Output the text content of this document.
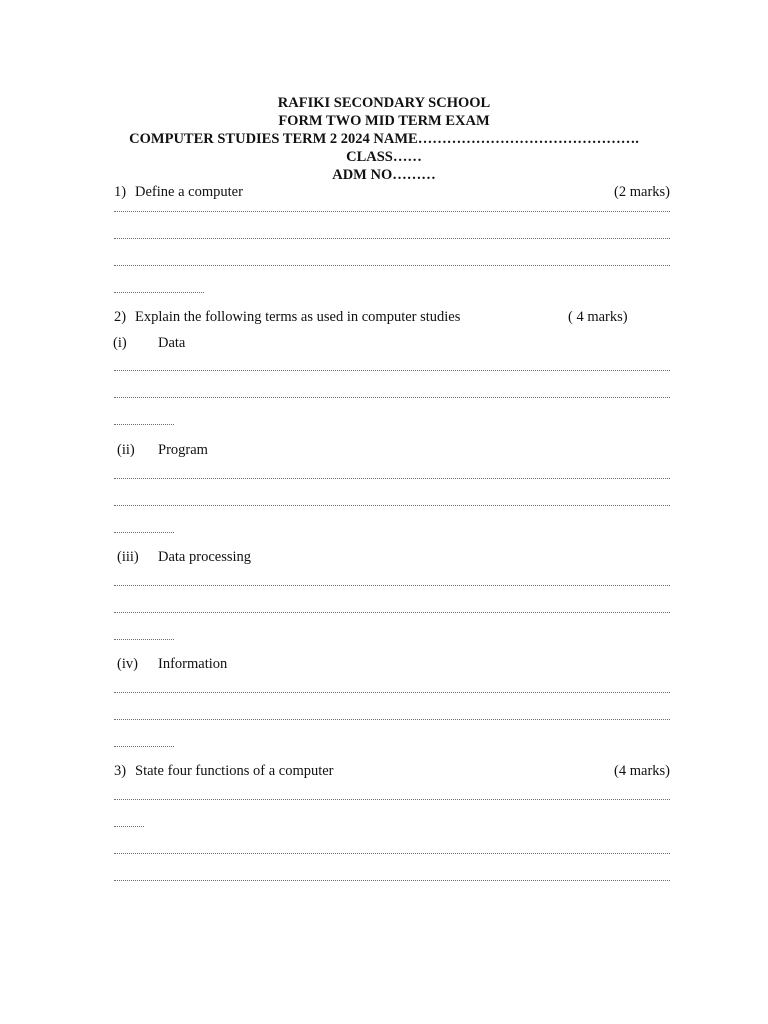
RAFIKI SECONDARY SCHOOL
FORM TWO MID TERM EXAM
COMPUTER STUDIES TERM 2 2024 NAME……………………………………….
CLASS……
ADM NO………
1) Define a computer	(2 marks)
2) Explain the following terms as used in computer studies	( 4 marks)
(i) Data
(ii) Program
(iii) Data processing
(iv) Information
3) State four functions of a computer	(4 marks)
